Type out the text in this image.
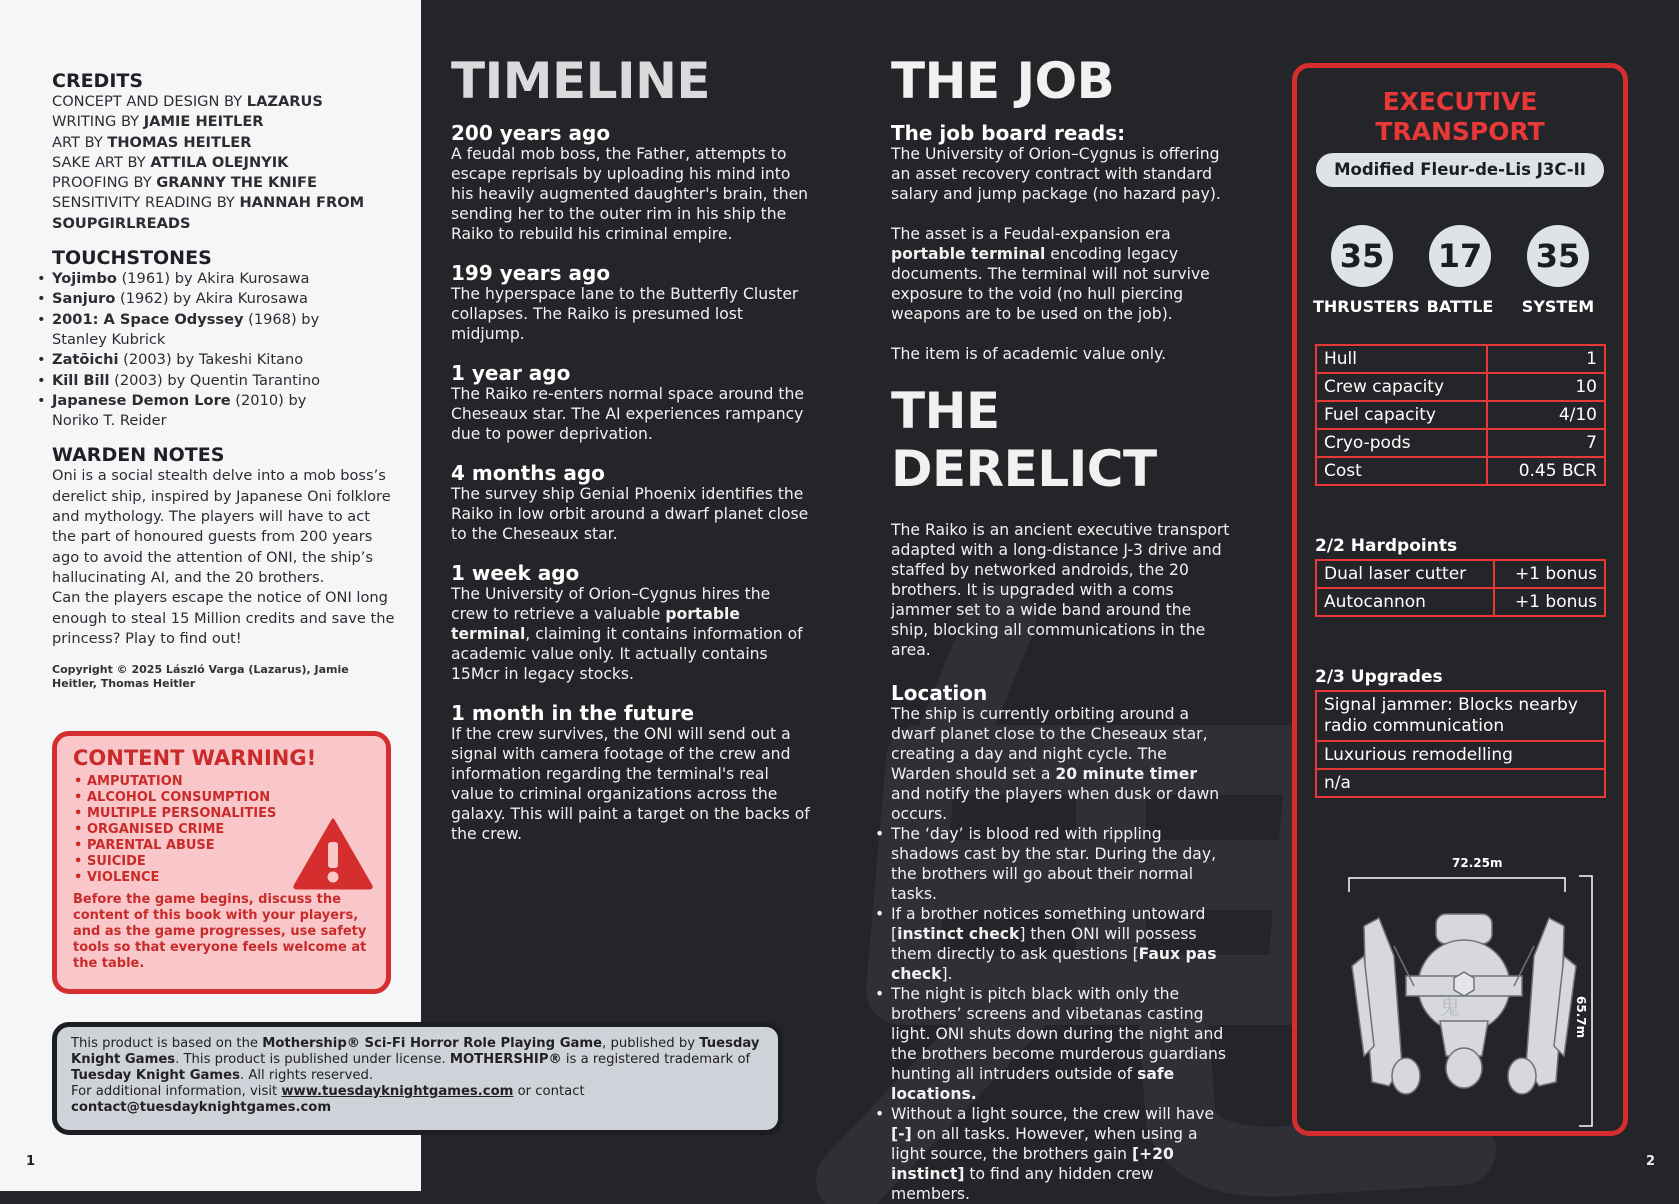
CREDITS
CONCEPT AND DESIGN BY LAZARUS
WRITING BY JAMIE HEITLER
ART BY THOMAS HEITLER
SAKE ART BY ATTILA OLEJNYIK
PROOFING BY GRANNY THE KNIFE
SENSITIVITY READING BY HANNAH FROM SOUPGIRLREADS
TOUCHSTONES
• Yojimbo (1961) by Akira Kurosawa
• Sanjuro (1962) by Akira Kurosawa
• 2001: A Space Odyssey (1968) by Stanley Kubrick
• Zatōichi (2003) by Takeshi Kitano
• Kill Bill (2003) by Quentin Tarantino
• Japanese Demon Lore (2010) by Noriko T. Reider
WARDEN NOTES

Oni is a social stealth delve into a mob boss’s derelict ship, inspired by Japanese Oni folklore and mythology. The players will have to act the part of honoured guests from 200 years ago to avoid the attention of ONI, the ship’s hallucinating AI, and the 20 brothers.

Can the players escape the notice of ONI long enough to steal 15 Million credits and save the princess? Play to find out!

Copyright © 2025 László Varga (Lazarus), Jamie Heitler, Thomas Heitler

CONTENT WARNING!
• AMPUTATION
• ALCOHOL CONSUMPTION
• MULTIPLE PERSONALITIES
• ORGANISED CRIME
• PARENTAL ABUSE
• SUICIDE
• VIOLENCE

Before the game begins, discuss the content of this book with your players, and as the game progresses, use safety tools so that everyone feels welcome at the table.

1
TIMELINE
200 years ago

A feudal mob boss, the Father, attempts to escape reprisals by uploading his mind into his heavily augmented daughter's brain, then sending her to the outer rim in his ship the Raiko to rebuild his criminal empire.

199 years ago

The hyperspace lane to the Butterfly Cluster collapses. The Raiko is presumed lost midjump.

1 year ago

The Raiko re-enters normal space around the Cheseaux star. The AI experiences rampancy due to power deprivation.

4 months ago

The survey ship Genial Phoenix identifies the Raiko in low orbit around a dwarf planet close to the Cheseaux star.

1 week ago

The University of Orion–Cygnus hires the crew to retrieve a valuable portable terminal, claiming it contains information of academic value only. It actually contains 15Mcr in legacy stocks.

1 month in the future

If the crew survives, the ONI will send out a signal with camera footage of the crew and information regarding the terminal's real value to criminal organizations across the galaxy. This will paint a target on the backs of the crew.

THE JOB
The job board reads:

The University of Orion–Cygnus is offering an asset recovery contract with standard salary and jump package (no hazard pay).

The asset is a Feudal-expansion era portable terminal encoding legacy documents. The terminal will not survive exposure to the void (no hull piercing weapons are to be used on the job).

The item is of academic value only.

THE DERELICT

The Raiko is an ancient executive transport adapted with a long-distance J-3 drive and staffed by networked androids, the 20 brothers. It is upgraded with a coms jammer set to a wide band around the ship, blocking all communications in the area.

Location

The ship is currently orbiting around a dwarf planet close to the Cheseaux star, creating a day and night cycle. The Warden should set a 20 minute timer and notify the players when dusk or dawn occurs.

• The ‘day’ is blood red with rippling shadows cast by the star. During the day, the brothers will go about their normal tasks.
• If a brother notices something untoward [instinct check] then ONI will possess them directly to ask questions [Faux pas check].
• The night is pitch black with only the brothers’ screens and vibetanas casting light. ONI shuts down during the night and the brothers become murderous guardians hunting all intruders outside of safe locations.
• Without a light source, the crew will have [-] on all tasks. However, when using a light source, the brothers gain [+20 instinct] to find any hidden crew members.
2
This product is based on the Mothership® Sci-Fi Horror Role Playing Game, published by Tuesday Knight Games. This product is published under license. MOTHERSHIP® is a registered trademark of Tuesday Knight Games. All rights reserved.
For additional information, visit www.tuesdayknightgames.com or contact
contact@tuesdayknightgames.com
EXECUTIVE TRANSPORT
Modified Fleur-de-Lis J3C-II
35
THRUSTERS
17
BATTLE
35
SYSTEM
Hull	1
Crew capacity	10
Fuel capacity	4/10
Cryo-pods	7
Cost	0.45 BCR
2/2 Hardpoints
Dual laser cutter	+1 bonus
Autocannon	+1 bonus
2/3 Upgrades
Signal jammer: Blocks nearby radio communication
Luxurious remodelling
n/a
72.25m
65.7m
鬼
